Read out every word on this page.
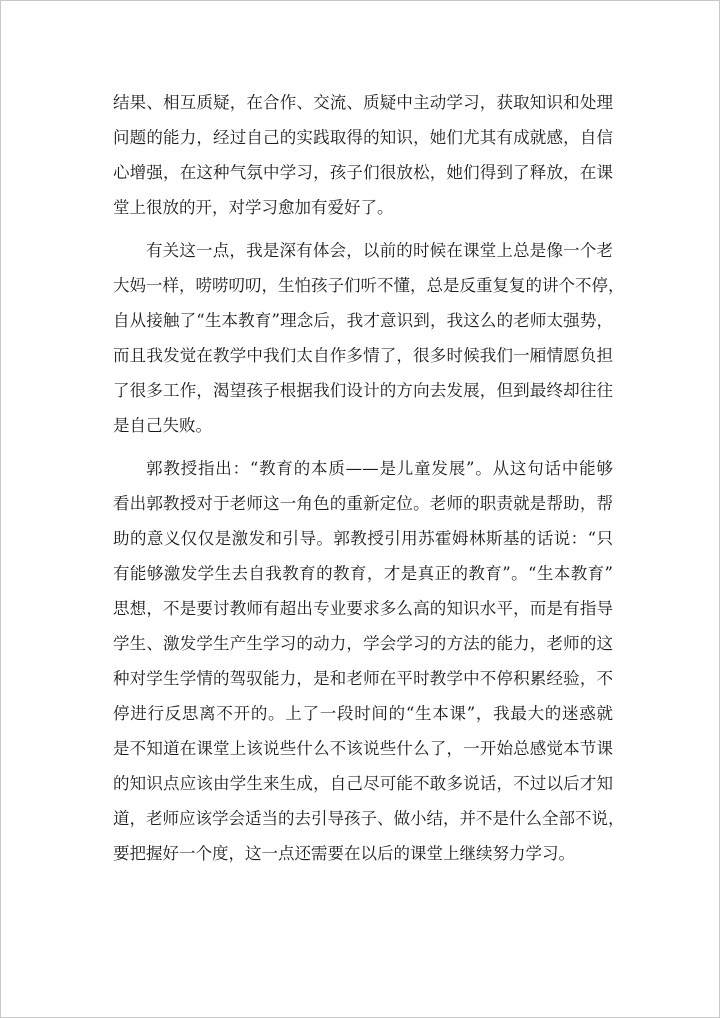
结果、相互质疑，在合作、交流、质疑中主动学习，获取知识和处理
问题的能力，经过自己的实践取得的知识，她们尤其有成就感，自信
心增强，在这种气氛中学习，孩子们很放松，她们得到了释放，在课
堂上很放的开，对学习愈加有爱好了。

有关这一点，我是深有体会，以前的时候在课堂上总是像一个老
大妈一样，唠唠叨叨，生怕孩子们听不懂，总是反重复复的讲个不停，
自从接触了“生本教育”理念后，我才意识到，我这么的老师太强势，
而且我发觉在教学中我们太自作多情了，很多时候我们一厢情愿负担
了很多工作，渴望孩子根据我们设计的方向去发展，但到最终却往往
是自己失败。

郭教授指出：“教育的本质——是儿童发展”。从这句话中能够
看出郭教授对于老师这一角色的重新定位。老师的职责就是帮助，帮
助的意义仅仅是激发和引导。郭教授引用苏霍姆林斯基的话说：“只
有能够激发学生去自我教育的教育，才是真正的教育”。“生本教育”
思想，不是要讨教师有超出专业要求多么高的知识水平，而是有指导
学生、激发学生产生学习的动力，学会学习的方法的能力，老师的这
种对学生学情的驾驭能力，是和老师在平时教学中不停积累经验，不
停进行反思离不开的。上了一段时间的“生本课”，我最大的迷惑就
是不知道在课堂上该说些什么不该说些什么了，一开始总感觉本节课
的知识点应该由学生来生成，自己尽可能不敢多说话，不过以后才知
道，老师应该学会适当的去引导孩子、做小结，并不是什么全部不说，
要把握好一个度，这一点还需要在以后的课堂上继续努力学习。
